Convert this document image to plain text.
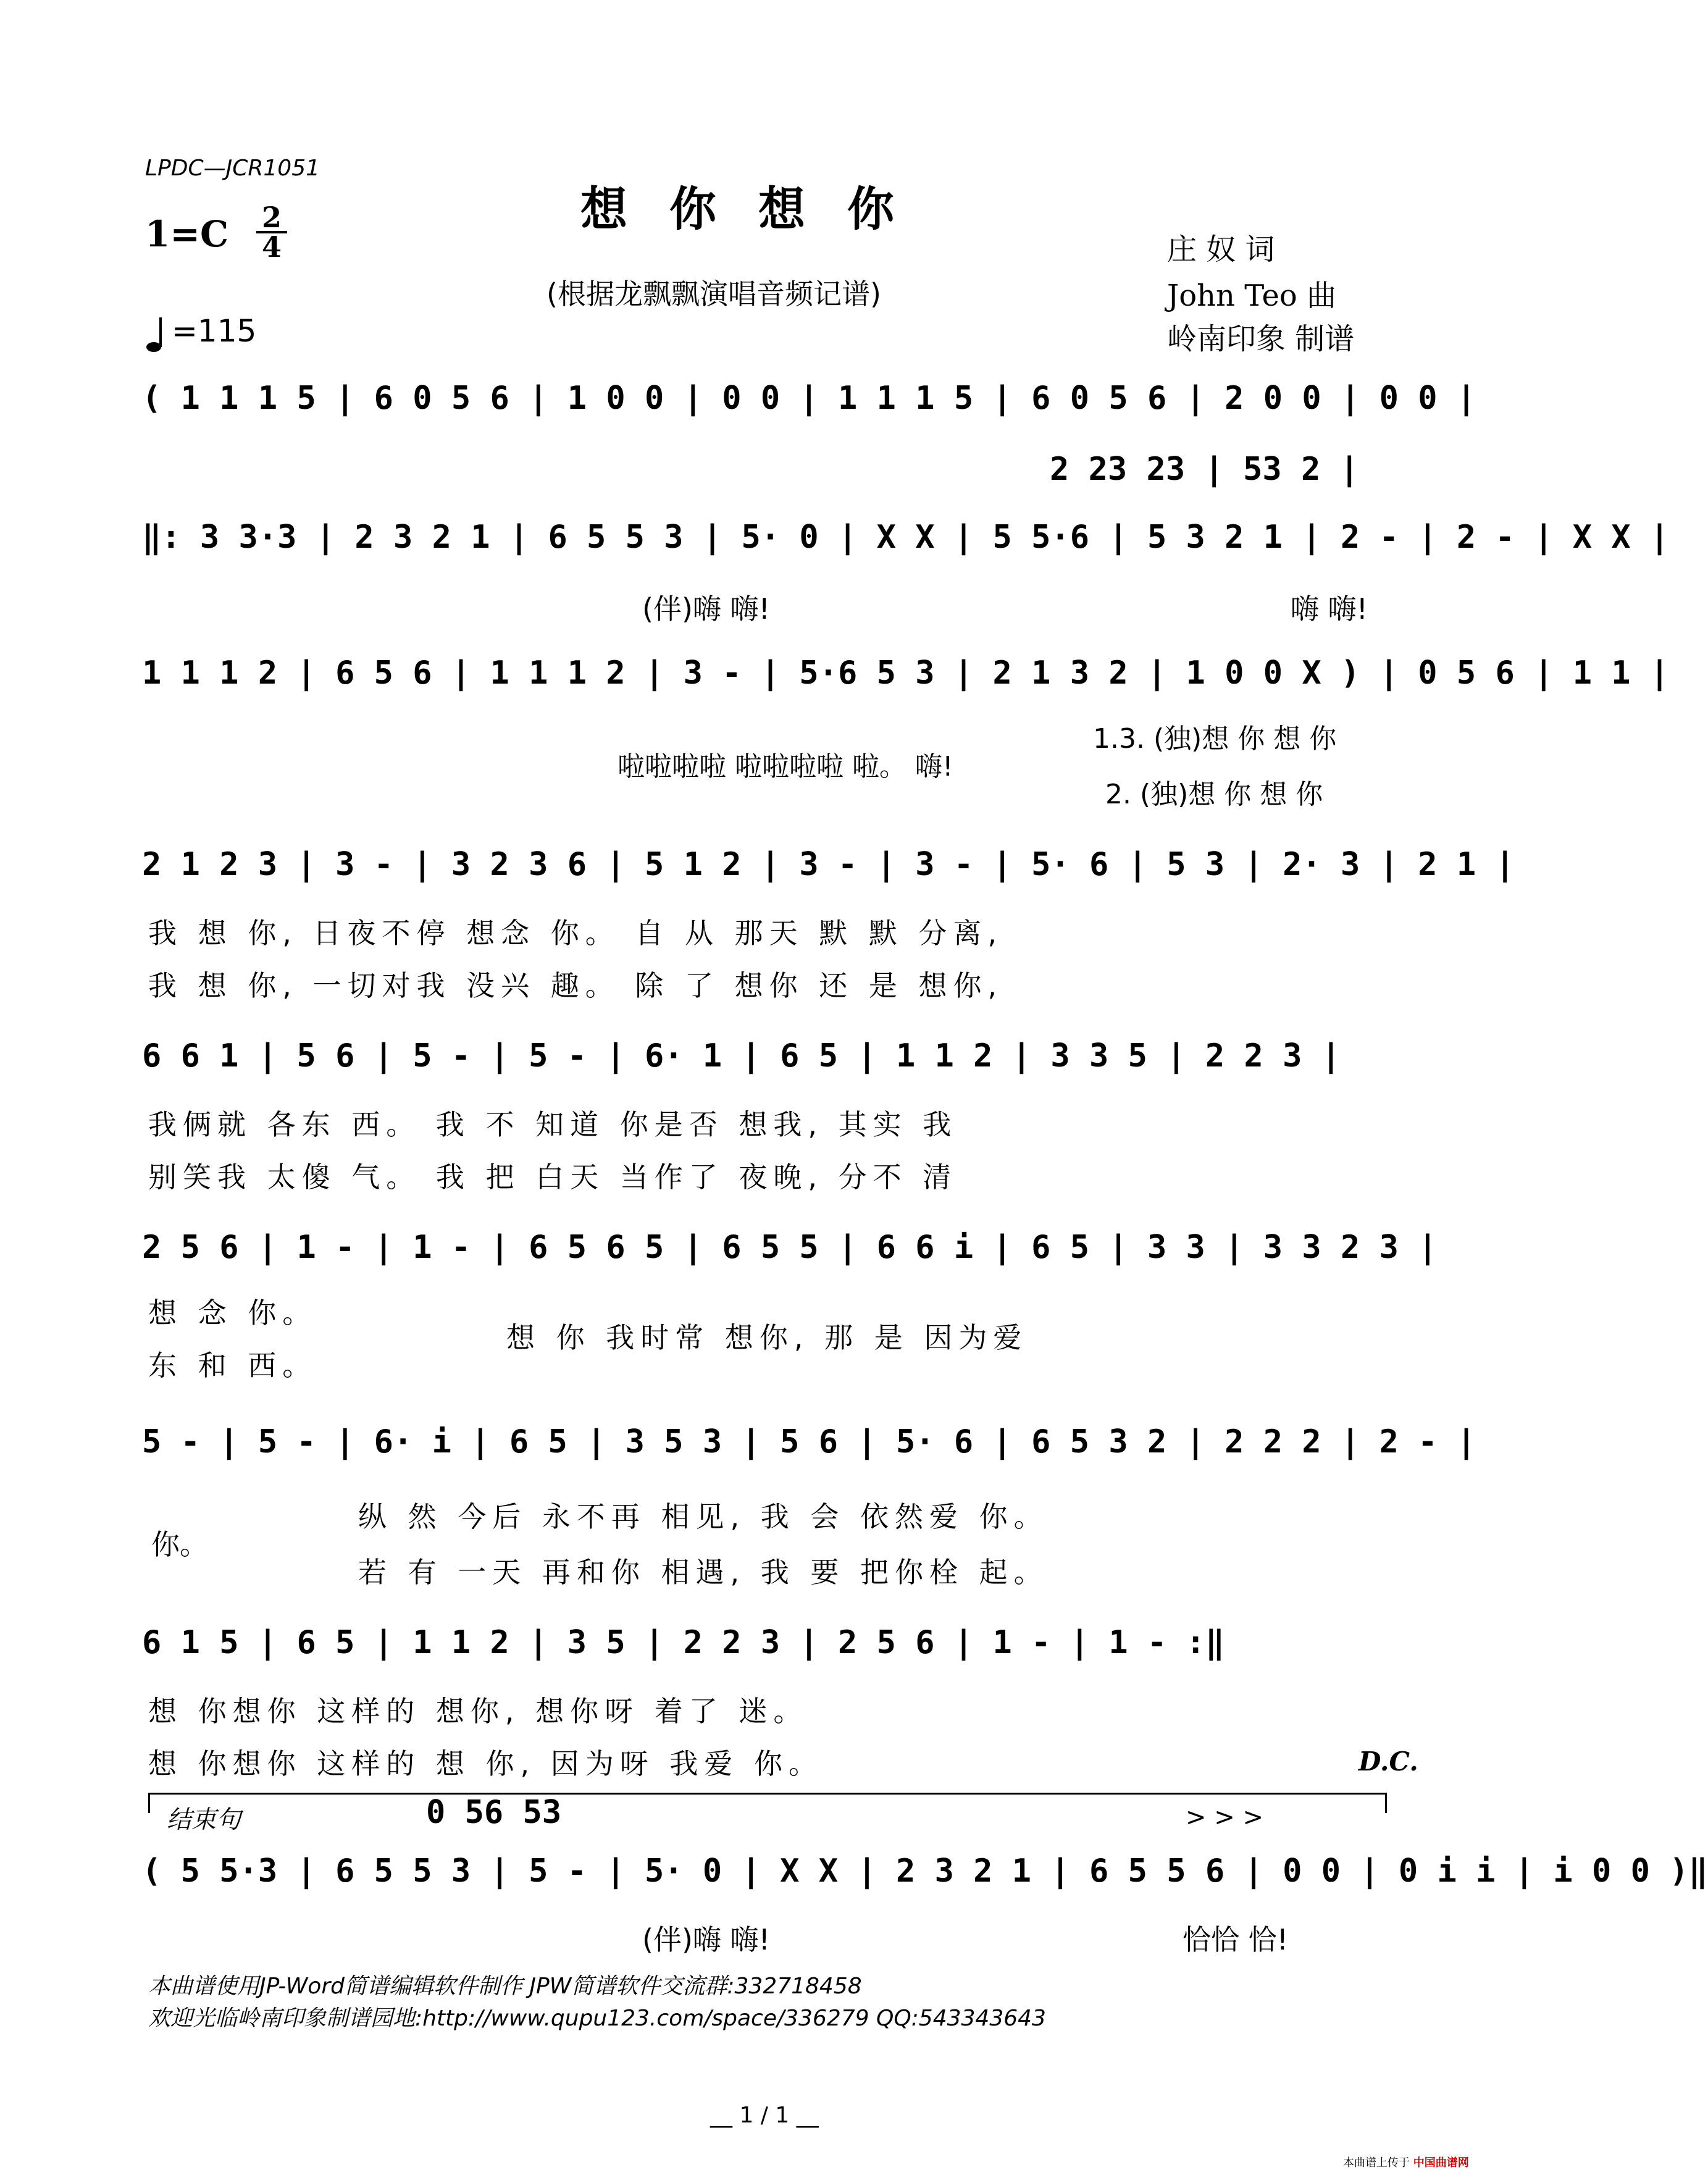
LPDC—JCR1051
想你想你
(根据龙飘飘演唱音频记谱)
1=C 2
4
=115
庄 奴 词
John Teo 曲
岭南印象 制谱
( 1 1 1 5 | 6 0 5 6 | 1 0 0 | 0 0 | 1 1 1 5 | 6 0 5 6 | 2 0 0 | 0 0 |
2 23 23 | 53 2 |
‖: 3 3·3 | 2 3 2 1 | 6 5 5 3 | 5· 0 | X X | 5 5·6 | 5 3 2 1 | 2 - | 2 - | X X |
(伴)嗨 嗨!	嗨 嗨!
1 1 1 2 | 6 5 6 | 1 1 1 2 | 3 - | 5·6 5 3 | 2 1 3 2 | 1 0 0 X ) | 0 5 6 | 1 1 |
啦啦啦啦 啦啦啦啦 啦。 嗨!
1.3. (独)想 你 想 你
2. (独)想 你 想 你
2 1 2 3 | 3 - | 3 2 3 6 | 5 1 2 | 3 - | 3 - | 5· 6 | 5 3 | 2· 3 | 2 1 |
我 想 你, 日夜不停 想念 你。 自 从 那天 默 默 分离,
我 想 你, 一切对我 没兴 趣。 除 了 想你 还 是 想你,
6 6 1 | 5 6 | 5 - | 5 - | 6· 1 | 6 5 | 1 1 2 | 3 3 5 | 2 2 3 |
我俩就 各东 西。 我 不 知道 你是否 想我, 其实 我
别笑我 太傻 气。 我 把 白天 当作了 夜晚, 分不 清
2 5 6 | 1 - | 1 - | 6 5 6 5 | 6 5 5 | 6 6 i | 6 5 | 3 3 | 3 3 2 3 |
想 念 你。
东 和 西。
想 你 我时常 想你, 那 是 因为爱
5 - | 5 - | 6· i | 6 5 | 3 5 3 | 5 6 | 5· 6 | 6 5 3 2 | 2 2 2 | 2 - |
你。
纵 然 今后 永不再 相见, 我 会 依然爱 你。
若 有 一天 再和你 相遇, 我 要 把你栓 起。
6 1 5 | 6 5 | 1 1 2 | 3 5 | 2 2 3 | 2 5 6 | 1 - | 1 - :‖
想 你想你 这样的 想你, 想你呀 着了 迷。
想 你想你 这样的 想 你, 因为呀 我爱 你。	D.C.
结束句	0 56 53	> > >
( 5 5·3 | 6 5 5 3 | 5 - | 5· 0 | X X | 2 3 2 1 | 6 5 5 6 | 0 0 | 0 i i | i 0 0 )‖
(伴)嗨 嗨!	恰恰 恰!
本曲谱使用JP-Word简谱编辑软件制作 JPW简谱软件交流群:332718458
欢迎光临岭南印象制谱园地:http://www.qupu123.com/space/336279 QQ:543343643
__ 1 / 1 __
本曲谱上传于 中国曲谱网
